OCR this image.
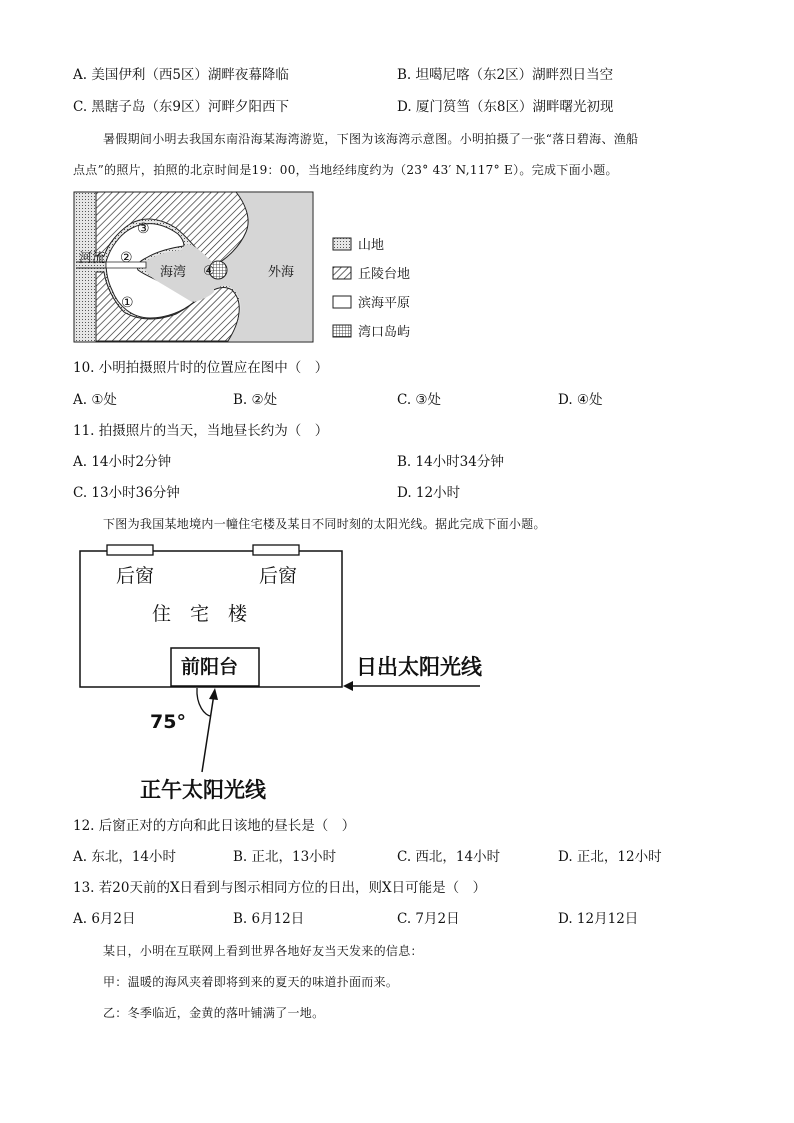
A. 美国伊利（西5区）湖畔夜幕降临	B. 坦噶尼喀（东2区）湖畔烈日当空
C. 黑瞎子岛（东9区）河畔夕阳西下	D. 厦门筼筜（东8区）湖畔曙光初现
暑假期间小明去我国东南沿海某海湾游览，下图为该海湾示意图。小明拍摄了一张“落日碧海、渔船
点点”的照片，拍照的北京时间是19：00，当地经纬度约为（23° 43′ N,117° E）。完成下面小题。
河流
海湾	外海
①
②
③
④
山地
丘陵台地
滨海平原
湾口岛屿
后窗	后窗
住　宅　楼
前阳台	日出太阳光线
75°
正午太阳光线
10. 小明拍摄照片时的位置应在图中（　）
A. ①处	B. ②处	C. ③处	D. ④处
11. 拍摄照片的当天，当地昼长约为（　）
A. 14小时2分钟	B. 14小时34分钟
C. 13小时36分钟	D. 12小时
下图为我国某地境内一幢住宅楼及某日不同时刻的太阳光线。据此完成下面小题。
12. 后窗正对的方向和此日该地的昼长是（　）
A. 东北，14小时	B. 正北，13小时	C. 西北，14小时	D. 正北，12小时
13. 若20天前的X日看到与图示相同方位的日出，则X日可能是（　）
A. 6月2日	B. 6月12日	C. 7月2日	D. 12月12日
某日，小明在互联网上看到世界各地好友当天发来的信息：
甲：温暖的海风夹着即将到来的夏天的味道扑面而来。
乙：冬季临近，金黄的落叶铺满了一地。
